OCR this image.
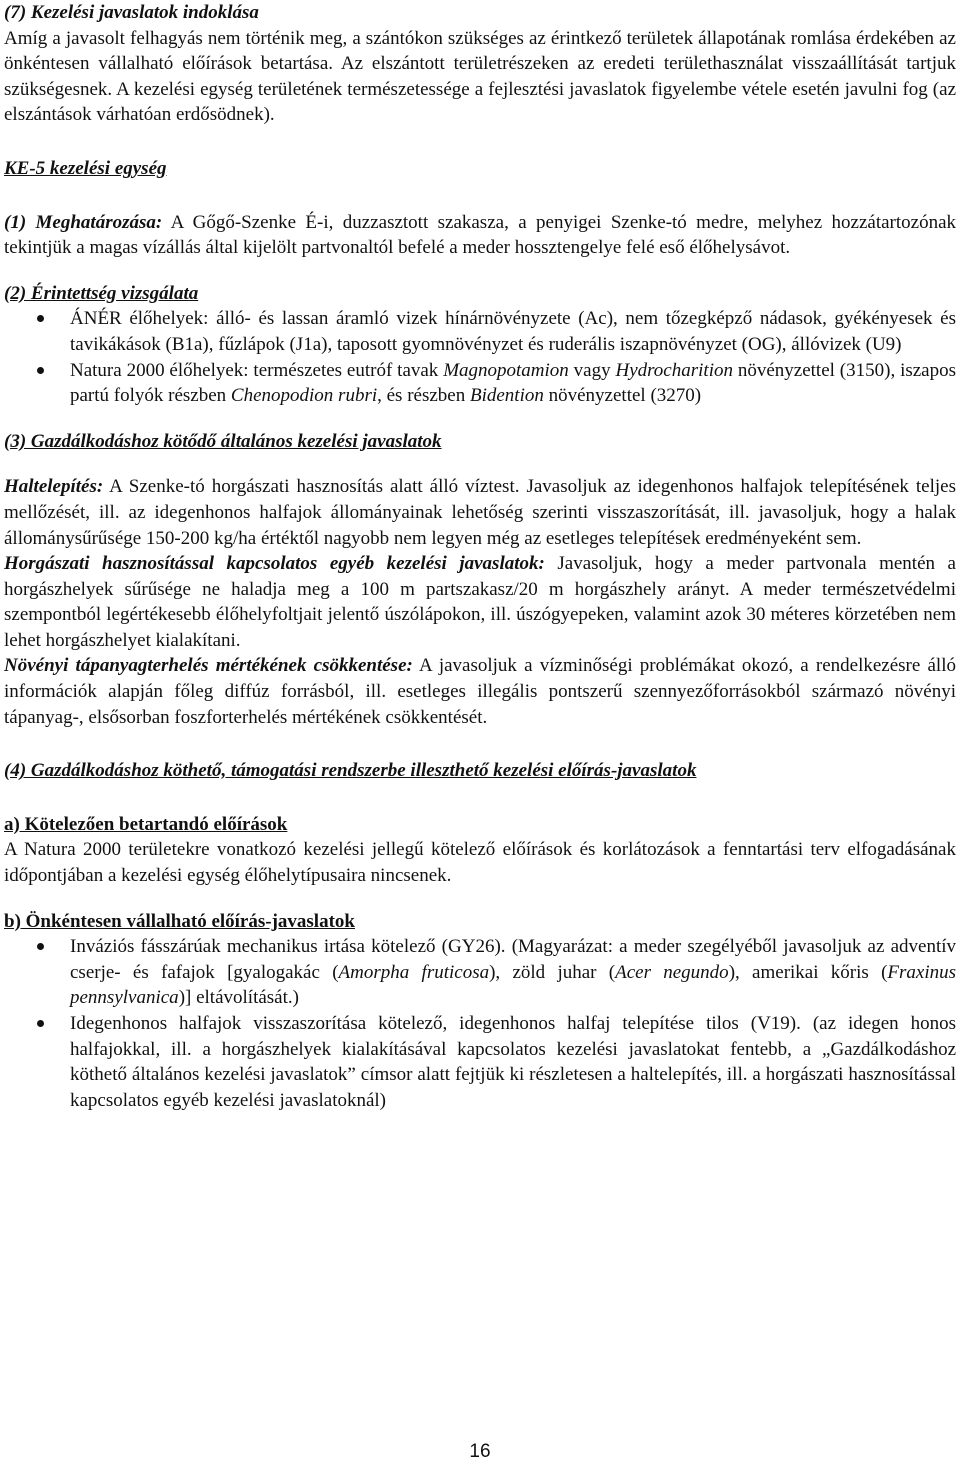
(7) Kezelési javaslatok indoklása

Amíg a javasolt felhagyás nem történik meg, a szántókon szükséges az érintkező területek állapotának romlása érdekében az önkéntesen vállalható előírások betartása. Az elszántott területrészeken az eredeti területhasználat visszaállítását tartjuk szükségesnek. A kezelési egység területének természetessége a fejlesztési javaslatok figyelembe vétele esetén javulni fog (az elszántások várhatóan erdősödnek).

KE-5 kezelési egység

(1) Meghatározása: A Gőgő-Szenke É-i, duzzasztott szakasza, a penyigei Szenke-tó medre, melyhez hozzátartozónak tekintjük a magas vízállás által kijelölt partvonaltól befelé a meder hossztengelye felé eső élőhelysávot.

(2) Érintettség vizsgálata

ÁNÉR élőhelyek: álló- és lassan áramló vizek hínárnövényzete (Ac), nem tőzegképző nádasok, gyékényesek és tavikákások (B1a), fűzlápok (J1a), taposott gyomnövényzet és ruderális iszapnövényzet (OG), állóvizek (U9)
Natura 2000 élőhelyek: természetes eutróf tavak Magnopotamion vagy Hydrocharition növényzettel (3150), iszapos partú folyók részben Chenopodion rubri, és részben Bidention növényzettel (3270)

(3) Gazdálkodáshoz kötődő általános kezelési javaslatok

Haltelepítés: A Szenke-tó horgászati hasznosítás alatt álló víztest. Javasoljuk az idegenhonos halfajok telepítésének teljes mellőzését, ill. az idegenhonos halfajok állományainak lehetőség szerinti visszaszorítását, ill. javasoljuk, hogy a halak állománysűrűsége 150-200 kg/ha értéktől nagyobb nem legyen még az esetleges telepítések eredményeként sem.

Horgászati hasznosítással kapcsolatos egyéb kezelési javaslatok: Javasoljuk, hogy a meder partvonala mentén a horgászhelyek sűrűsége ne haladja meg a 100 m partszakasz/20 m horgászhely arányt. A meder természetvédelmi szempontból legértékesebb élőhelyfoltjait jelentő úszólápokon, ill. úszógyepeken, valamint azok 30 méteres körzetében nem lehet horgászhelyet kialakítani.

Növényi tápanyagterhelés mértékének csökkentése: A javasoljuk a vízminőségi problémákat okozó, a rendelkezésre álló információk alapján főleg diffúz forrásból, ill. esetleges illegális pontszerű szennyezőforrásokból származó növényi tápanyag-, elsősorban foszforterhelés mértékének csökkentését.

(4) Gazdálkodáshoz köthető, támogatási rendszerbe illeszthető kezelési előírás-javaslatok

a) Kötelezően betartandó előírások

A Natura 2000 területekre vonatkozó kezelési jellegű kötelező előírások és korlátozások a fenntartási terv elfogadásának időpontjában a kezelési egység élőhelytípusaira nincsenek.

b) Önkéntesen vállalható előírás-javaslatok

Inváziós fásszárúak mechanikus irtása kötelező (GY26). (Magyarázat: a meder szegélyéből javasoljuk az adventív cserje- és fafajok [gyalogakác (Amorpha fruticosa), zöld juhar (Acer negundo), amerikai kőris (Fraxinus pennsylvanica)] eltávolítását.)
Idegenhonos halfajok visszaszorítása kötelező, idegenhonos halfaj telepítése tilos (V19). (az idegen honos halfajokkal, ill. a horgászhelyek kialakításával kapcsolatos kezelési javaslatokat fentebb, a „Gazdálkodáshoz köthető általános kezelési javaslatok” címsor alatt fejtjük ki részletesen a haltelepítés, ill. a horgászati hasznosítással kapcsolatos egyéb kezelési javaslatoknál)
16
